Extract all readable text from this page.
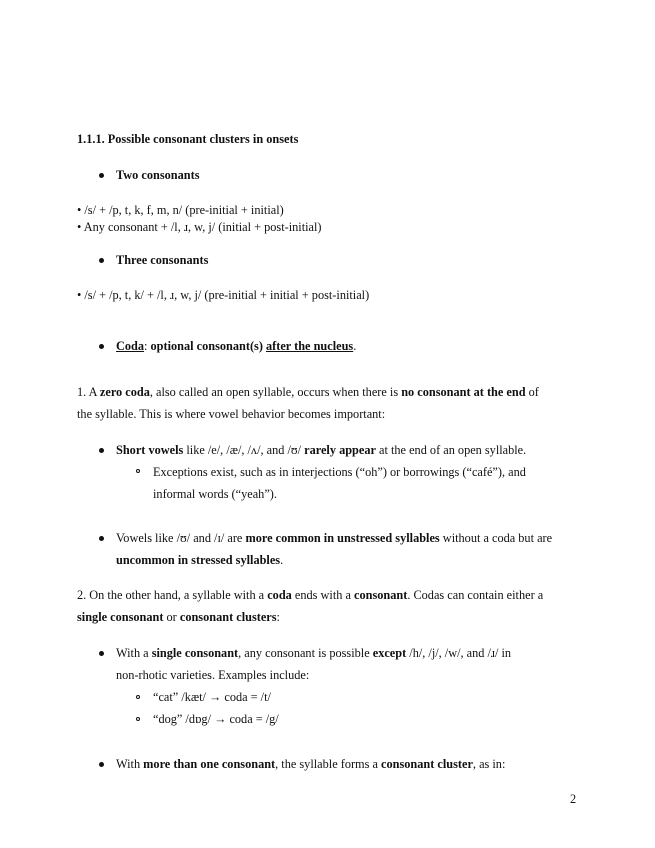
1.1.1. Possible consonant clusters in onsets
Two consonants
• /s/ + /p, t, k, f, m, n/ (pre-initial + initial)
• Any consonant + /l, ɹ, w, j/ (initial + post-initial)
Three consonants
• /s/ + /p, t, k/ + /l, ɹ, w, j/ (pre-initial + initial + post-initial)
Coda: optional consonant(s) after the nucleus.
1. A zero coda, also called an open syllable, occurs when there is no consonant at the end of
the syllable. This is where vowel behavior becomes important:
Short vowels like /e/, /æ/, /ʌ/, and /ʊ/ rarely appear at the end of an open syllable.
Exceptions exist, such as in interjections (“oh”) or borrowings (“café”), and
informal words (“yeah”).
Vowels like /ʊ/ and /ɪ/ are more common in unstressed syllables without a coda but are
uncommon in stressed syllables.
2. On the other hand, a syllable with a coda ends with a consonant. Codas can contain either a
single consonant or consonant clusters:
With a single consonant, any consonant is possible except /h/, /j/, /w/, and /ɹ/ in
non-rhotic varieties. Examples include:
“cat” /kæt/ → coda = /t/
“dog” /dɒg/ → coda = /g/
With more than one consonant, the syllable forms a consonant cluster, as in:
2
